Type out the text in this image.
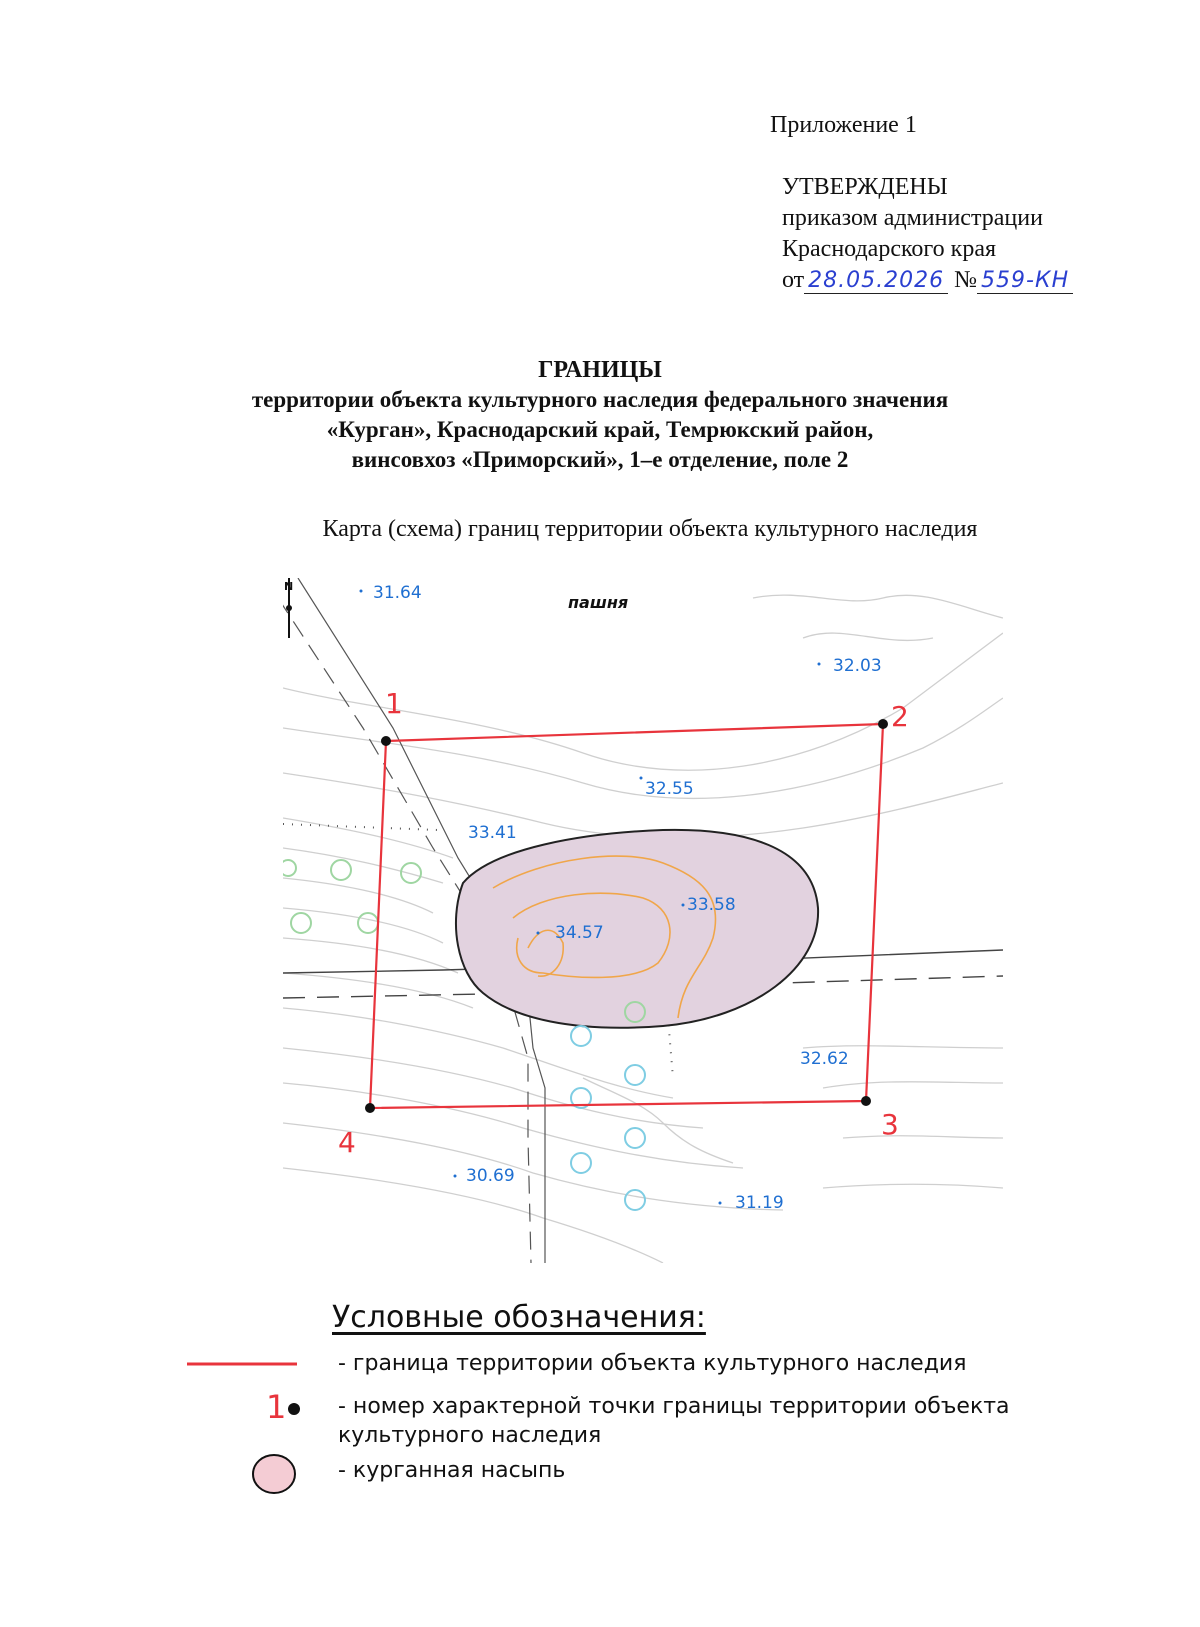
Приложение 1
УТВЕРЖДЕНЫ
приказом администрации
Краснодарского края
от 28.05.2026 № 559-КН
ГРАНИЦЫ
территории объекта культурного наследия федерального значения
«Курган», Краснодарский край, Темрюкский район,
винсовхоз «Приморский», 1–е отделение, поле 2
Карта (схема) границ территории объекта культурного наследия
N
пашня
1	2
3
4
31.64
32.03
32.55
33.41
33.58
34.57
32.62
30.69
31.19
Условные обозначения:
- граница территории объекта культурного наследия
1 - номер характерной точки границы территории объекта
культурного наследия
- курганная насыпь
